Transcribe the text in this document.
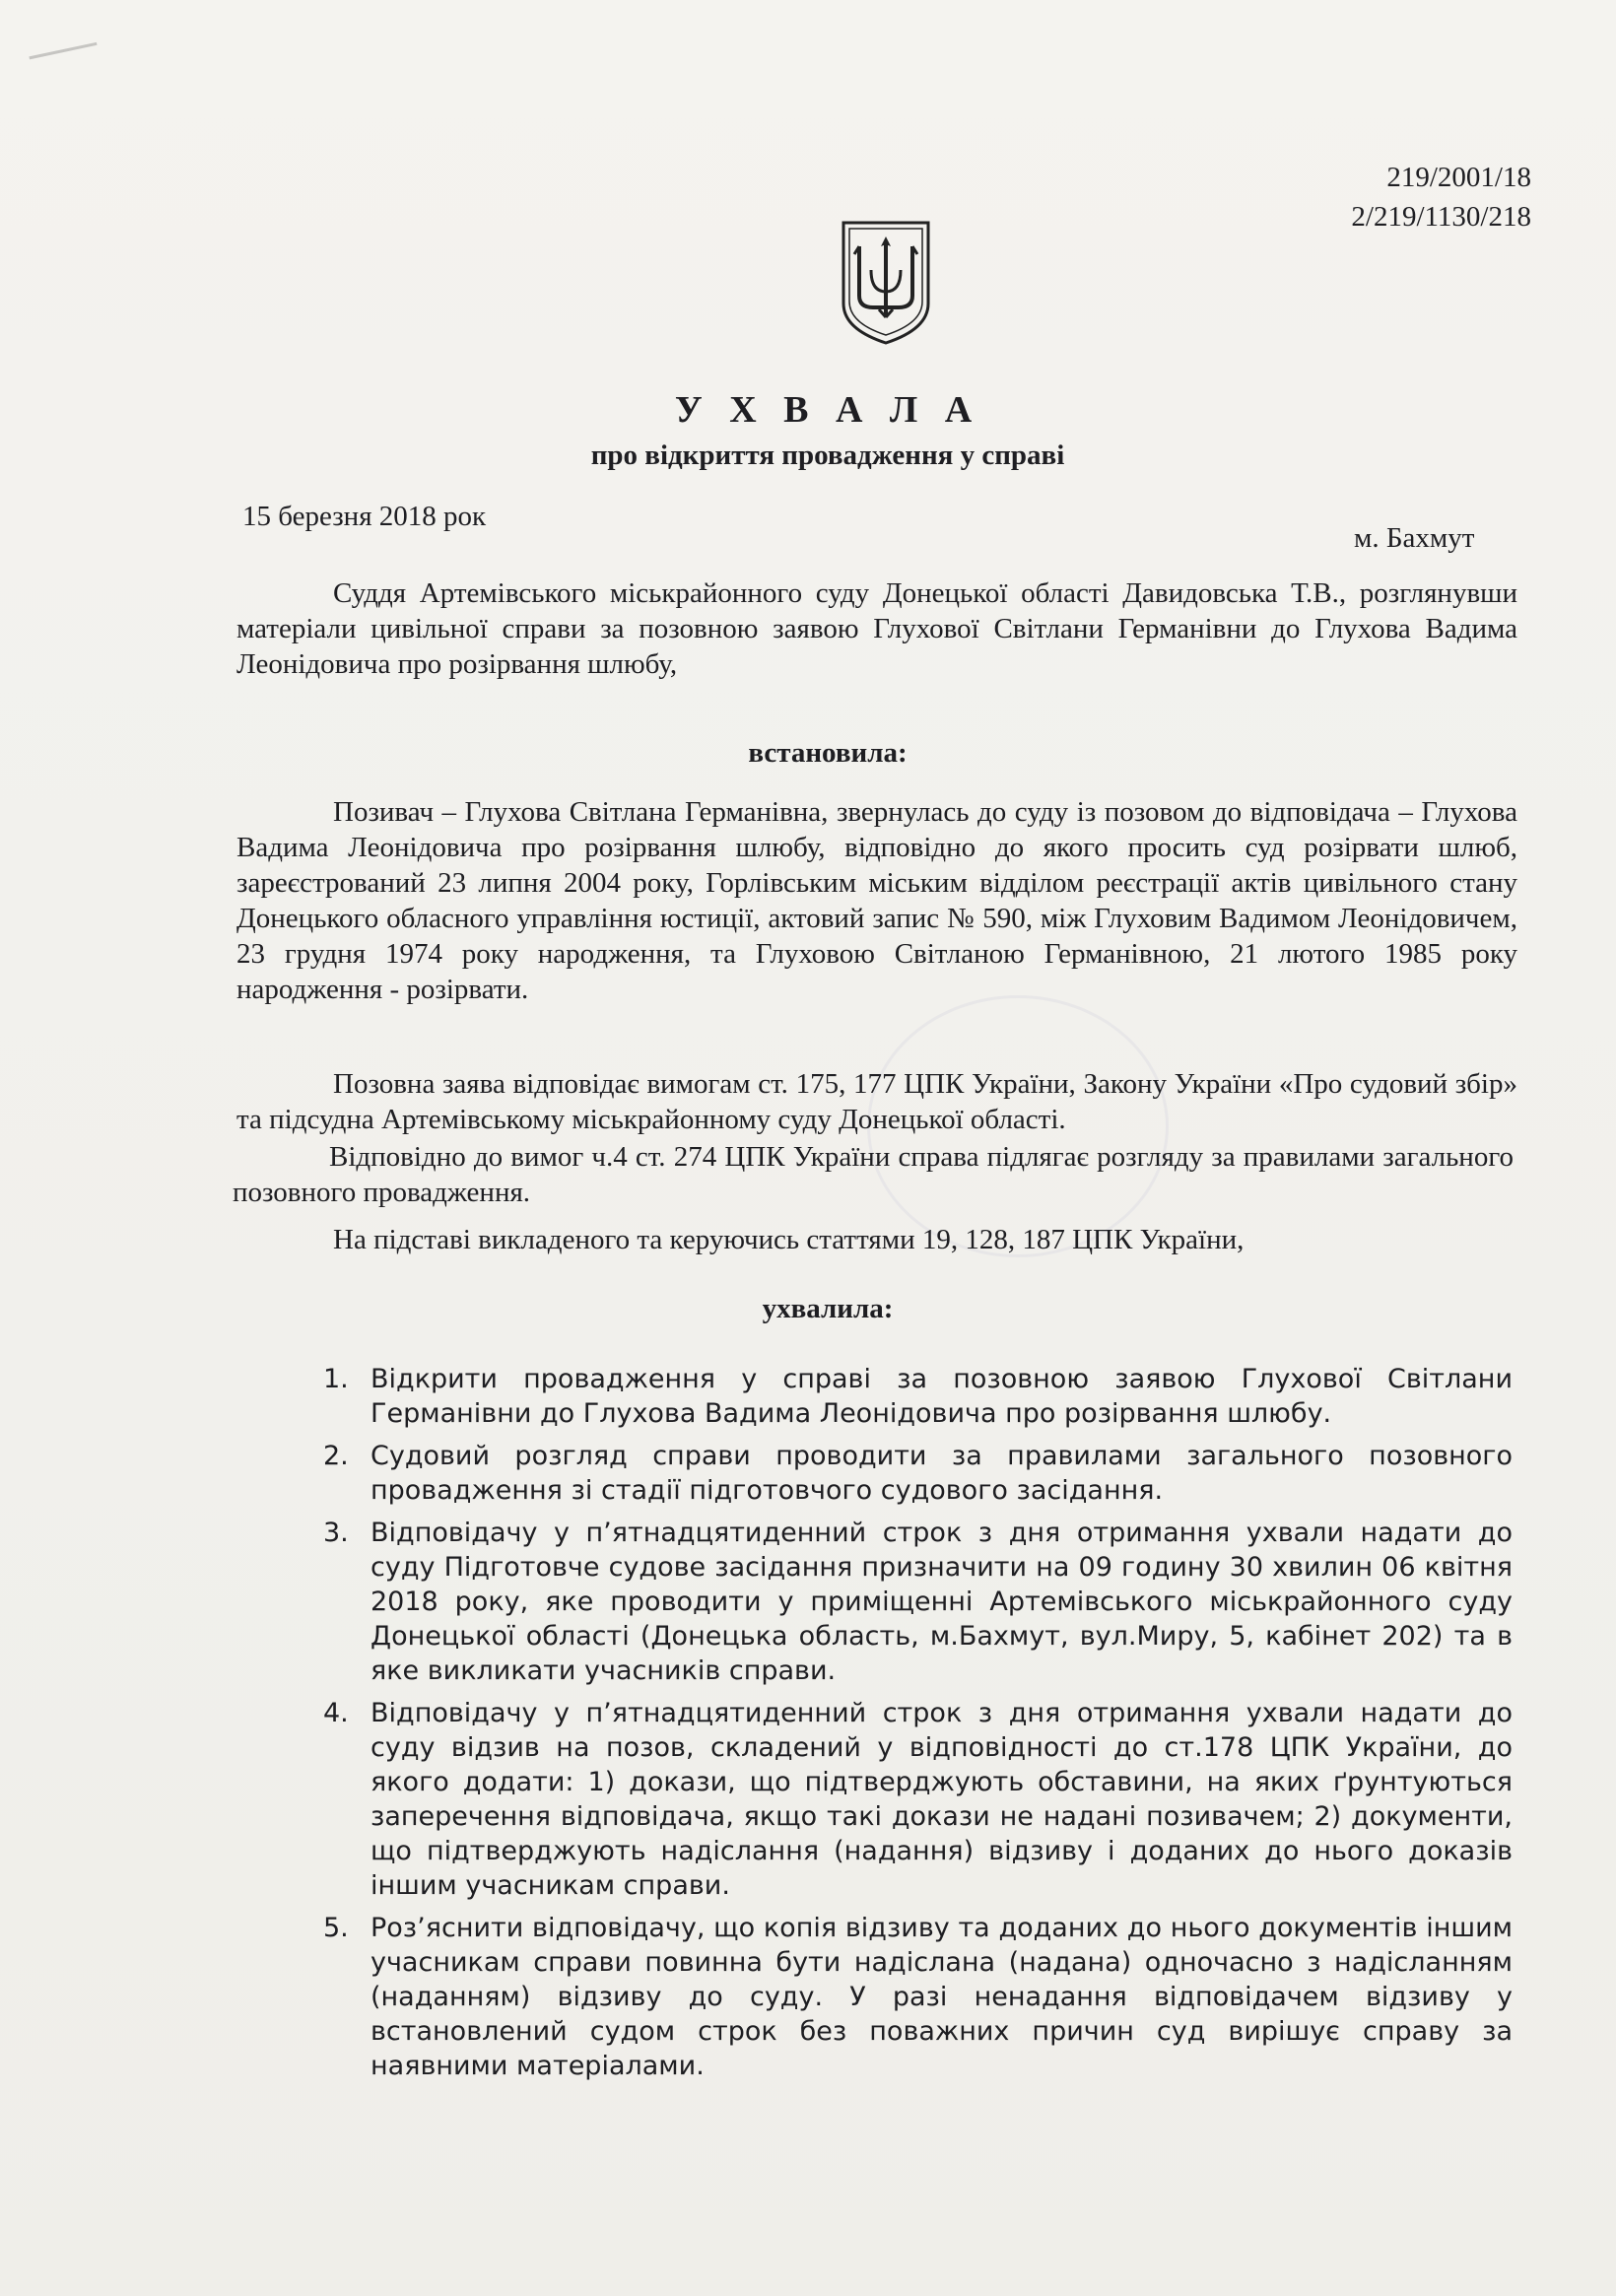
219/2001/18
2/219/1130/218
У Х В А Л А
про відкриття провадження у справі
15 березня 2018 рок
м. Бахмут
Суддя Артемівського міськрайонного суду Донецької області Давидовська Т.В., розглянувши матеріали цивільної справи за позовною заявою Глухової Світлани Германівни до Глухова Вадима Леонідовича про розірвання шлюбу,
встановила:
Позивач – Глухова Світлана Германівна, звернулась до суду із позовом до відповідача – Глухова Вадима Леонідовича про розірвання шлюбу, відповідно до якого просить суд розірвати шлюб, зареєстрований 23 липня 2004 року, Горлівським міським відділом реєстрації актів цивільного стану Донецького обласного управління юстиції, актовий запис № 590, між Глуховим Вадимом Леонідовичем, 23 грудня 1974 року народження, та Глуховою Світланою Германівною, 21 лютого 1985 року народження - розірвати.
Позовна заява відповідає вимогам ст. 175, 177 ЦПК України, Закону України «Про судовий збір» та підсудна Артемівському міськрайонному суду Донецької області.
Відповідно до вимог ч.4 ст. 274 ЦПК України справа підлягає розгляду за правилами загального позовного провадження.
На підставі викладеного та керуючись статтями 19, 128, 187 ЦПК України,
ухвалила:
1. Відкрити провадження у справі за позовною заявою Глухової Світлани Германівни до Глухова Вадима Леонідовича про розірвання шлюбу.
2. Судовий розгляд справи проводити за правилами загального позовного провадження зі стадії підготовчого судового засідання.
3. Відповідачу у п’ятнадцятиденний строк з дня отримання ухвали надати до суду Підготовче судове засідання призначити на 09 годину 30 хвилин 06 квітня 2018 року, яке проводити у приміщенні Артемівського міськрайонного суду Донецької області (Донецька область, м.Бахмут, вул.Миру, 5, кабінет 202) та в яке викликати учасників справи.
4. Відповідачу у п’ятнадцятиденний строк з дня отримання ухвали надати до суду відзив на позов, складений у відповідності до ст.178 ЦПК України, до якого додати: 1) докази, що підтверджують обставини, на яких ґрунтуються заперечення відповідача, якщо такі докази не надані позивачем; 2) документи, що підтверджують надіслання (надання) відзиву і доданих до нього доказів іншим учасникам справи.
5. Роз’яснити відповідачу, що копія відзиву та доданих до нього документів іншим учасникам справи повинна бути надіслана (надана) одночасно з надісланням (наданням) відзиву до суду. У разі ненадання відповідачем відзиву у встановлений судом строк без поважних причин суд вирішує справу за наявними матеріалами.
